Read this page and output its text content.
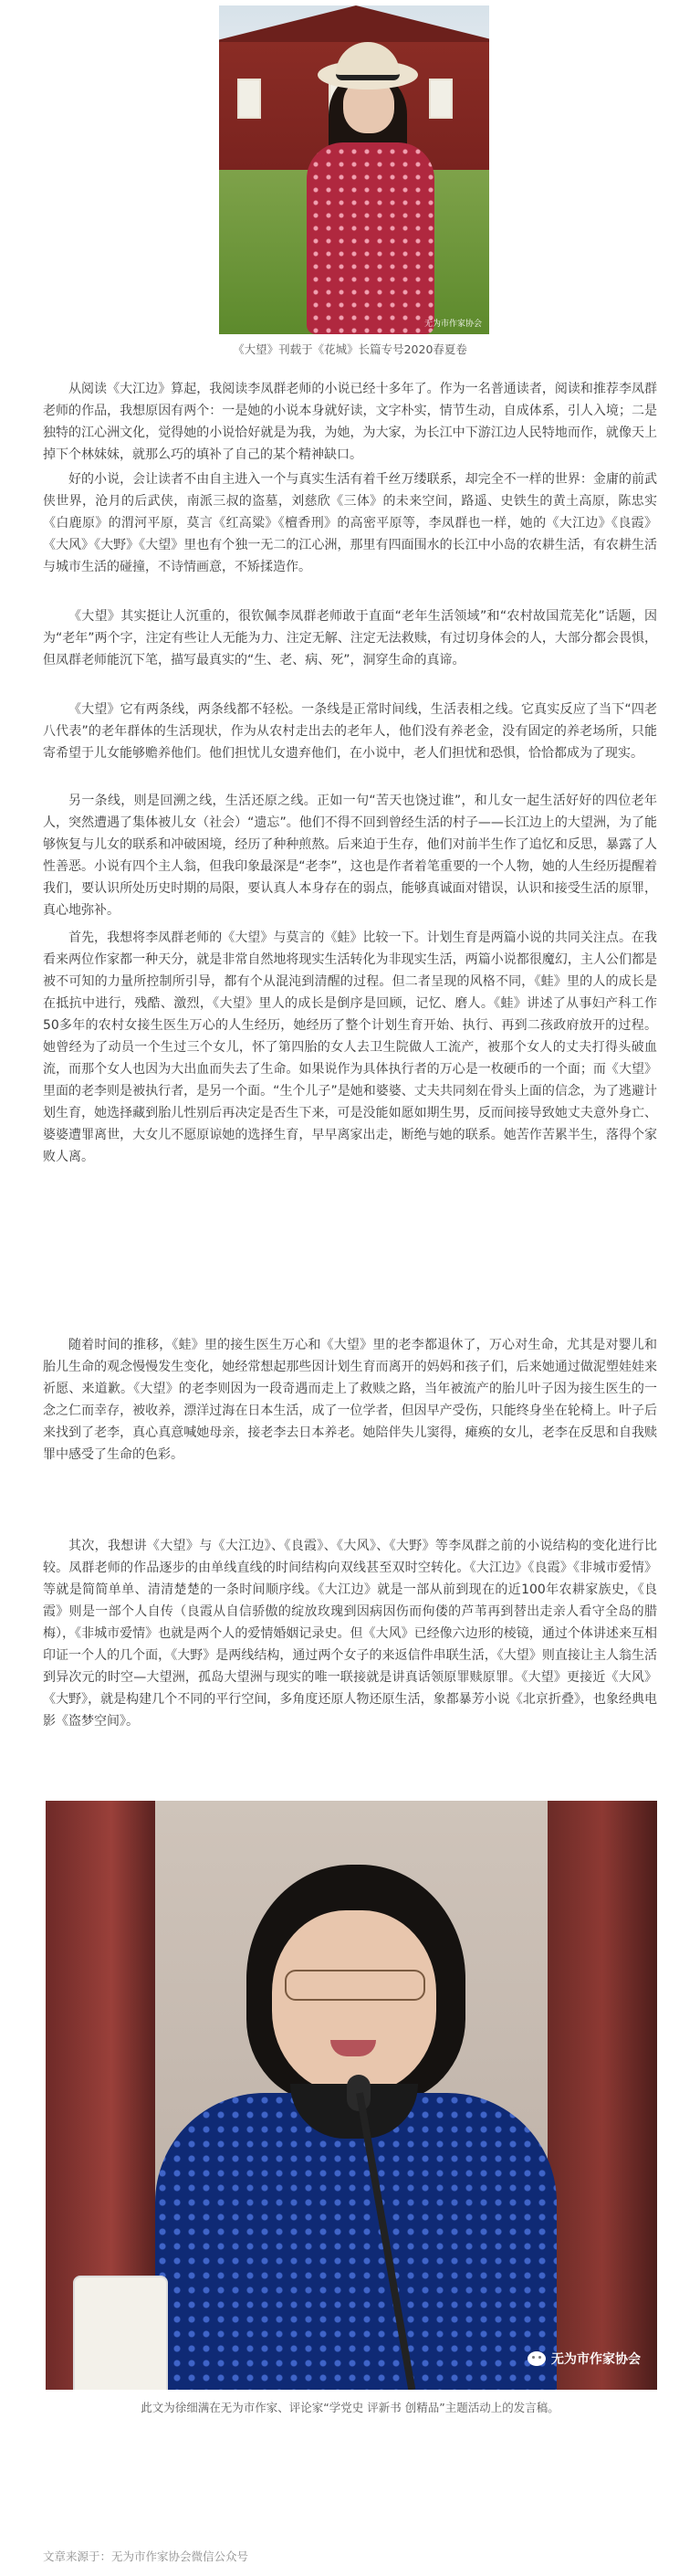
无为市作家协会

《大望》刊载于《花城》长篇专号2020春夏卷

从阅读《大江边》算起，我阅读李凤群老师的小说已经十多年了。作为一名普通读者，阅读和推荐李凤群老师的作品，我想原因有两个：一是她的小说本身就好读，文字朴实，情节生动，自成体系，引人入境；二是独特的江心洲文化，觉得她的小说恰好就是为我，为她，为大家，为长江中下游江边人民特地而作，就像天上掉下个林妹妹，就那么巧的填补了自己的某个精神缺口。

好的小说，会让读者不由自主进入一个与真实生活有着千丝万缕联系，却完全不一样的世界：金庸的前武侠世界，沧月的后武侠，南派三叔的盗墓，刘慈欣《三体》的未来空间，路遥、史铁生的黄土高原，陈忠实《白鹿原》的渭河平原，莫言《红高粱》《檀香刑》的高密平原等，李凤群也一样，她的《大江边》《良霞》《大风》《大野》《大望》里也有个独一无二的江心洲，那里有四面围水的长江中小岛的农耕生活，有农耕生活与城市生活的碰撞，不诗情画意，不矫揉造作。

《大望》其实挺让人沉重的，很钦佩李凤群老师敢于直面“老年生活领域”和“农村故国荒芜化”话题，因为“老年”两个字，注定有些让人无能为力、注定无解、注定无法救赎，有过切身体会的人，大部分都会畏惧，但凤群老师能沉下笔，描写最真实的“生、老、病、死”，洞穿生命的真谛。

《大望》它有两条线，两条线都不轻松。一条线是正常时间线，生活表相之线。它真实反应了当下“四老八代表”的老年群体的生活现状，作为从农村走出去的老年人，他们没有养老金，没有固定的养老场所，只能寄希望于儿女能够赡养他们。他们担忧儿女遗弃他们，在小说中，老人们担忧和恐惧，恰恰都成为了现实。

另一条线，则是回溯之线，生活还原之线。正如一句“苦天也饶过谁”，和儿女一起生活好好的四位老年人，突然遭遇了集体被儿女（社会）“遗忘”。他们不得不回到曾经生活的村子——长江边上的大望洲，为了能够恢复与儿女的联系和冲破困境，经历了种种煎熬。后来迫于生存，他们对前半生作了追忆和反思，暴露了人性善恶。小说有四个主人翁，但我印象最深是“老李”，这也是作者着笔重要的一个人物，她的人生经历提醒着我们，要认识所处历史时期的局限，要认真人本身存在的弱点，能够真诚面对错误，认识和接受生活的原罪，真心地弥补。

首先，我想将李凤群老师的《大望》与莫言的《蛙》比较一下。计划生育是两篇小说的共同关注点。在我看来两位作家都一种天分，就是非常自然地将现实生活转化为非现实生活，两篇小说都很魔幻，主人公们都是被不可知的力量所控制所引导，都有个从混沌到清醒的过程。但二者呈现的风格不同，《蛙》里的人的成长是在抵抗中进行，残酷、激烈，《大望》里人的成长是倒序是回顾，记忆、磨人。《蛙》讲述了从事妇产科工作50多年的农村女接生医生万心的人生经历，她经历了整个计划生育开始、执行、再到二孩政府放开的过程。她曾经为了动员一个生过三个女儿，怀了第四胎的女人去卫生院做人工流产，被那个女人的丈夫打得头破血流，而那个女人也因为大出血而失去了生命。如果说作为具体执行者的万心是一枚硬币的一个面；而《大望》里面的老李则是被执行者，是另一个面。“生个儿子”是她和婆婆、丈夫共同刻在骨头上面的信念，为了逃避计划生育，她选择藏到胎儿性别后再决定是否生下来，可是没能如愿如期生男，反而间接导致她丈夫意外身亡、婆婆遭罪离世，大女儿不愿原谅她的选择生育，早早离家出走，断绝与她的联系。她苦作苦累半生，落得个家败人离。

随着时间的推移，《蛙》里的接生医生万心和《大望》里的老李都退休了，万心对生命，尤其是对婴儿和胎儿生命的观念慢慢发生变化，她经常想起那些因计划生育而离开的妈妈和孩子们，后来她通过做泥塑娃娃来祈愿、来道歉。《大望》的老李则因为一段奇遇而走上了救赎之路，当年被流产的胎儿叶子因为接生医生的一念之仁而幸存，被收养，漂洋过海在日本生活，成了一位学者，但因早产受伤，只能终身坐在轮椅上。叶子后来找到了老李，真心真意喊她母亲，接老李去日本养老。她陪伴失儿窦得，瘫痪的女儿，老李在反思和自我赎罪中感受了生命的色彩。

其次，我想讲《大望》与《大江边》、《良霞》、《大风》、《大野》等李凤群之前的小说结构的变化进行比较。凤群老师的作品逐步的由单线直线的时间结构向双线甚至双时空转化。《大江边》《良霞》《非城市爱情》等就是简简单单、清清楚楚的一条时间顺序线。《大江边》就是一部从前到现在的近100年农耕家族史，《良霞》则是一部个人自传（良霞从自信骄傲的绽放玫瑰到因病因伤而佝偻的芦苇再到替出走亲人看守全岛的腊梅），《非城市爱情》也就是两个人的爱情婚姻记录史。但《大风》已经像六边形的棱镜，通过个体讲述来互相印证一个人的几个面，《大野》是两线结构，通过两个女子的来返信件串联生活，《大望》则直接让主人翁生活到异次元的时空—大望洲，孤岛大望洲与现实的唯一联接就是讲真话领原罪赎原罪。《大望》更接近《大风》《大野》，就是构建几个不同的平行空间，多角度还原人物还原生活，象都暴芳小说《北京折叠》，也象经典电影《盗梦空间》。

无为市作家协会

此文为徐细满在无为市作家、评论家“学党史 评新书 创精品”主题活动上的发言稿。

文章来源于：无为市作家协会微信公众号
